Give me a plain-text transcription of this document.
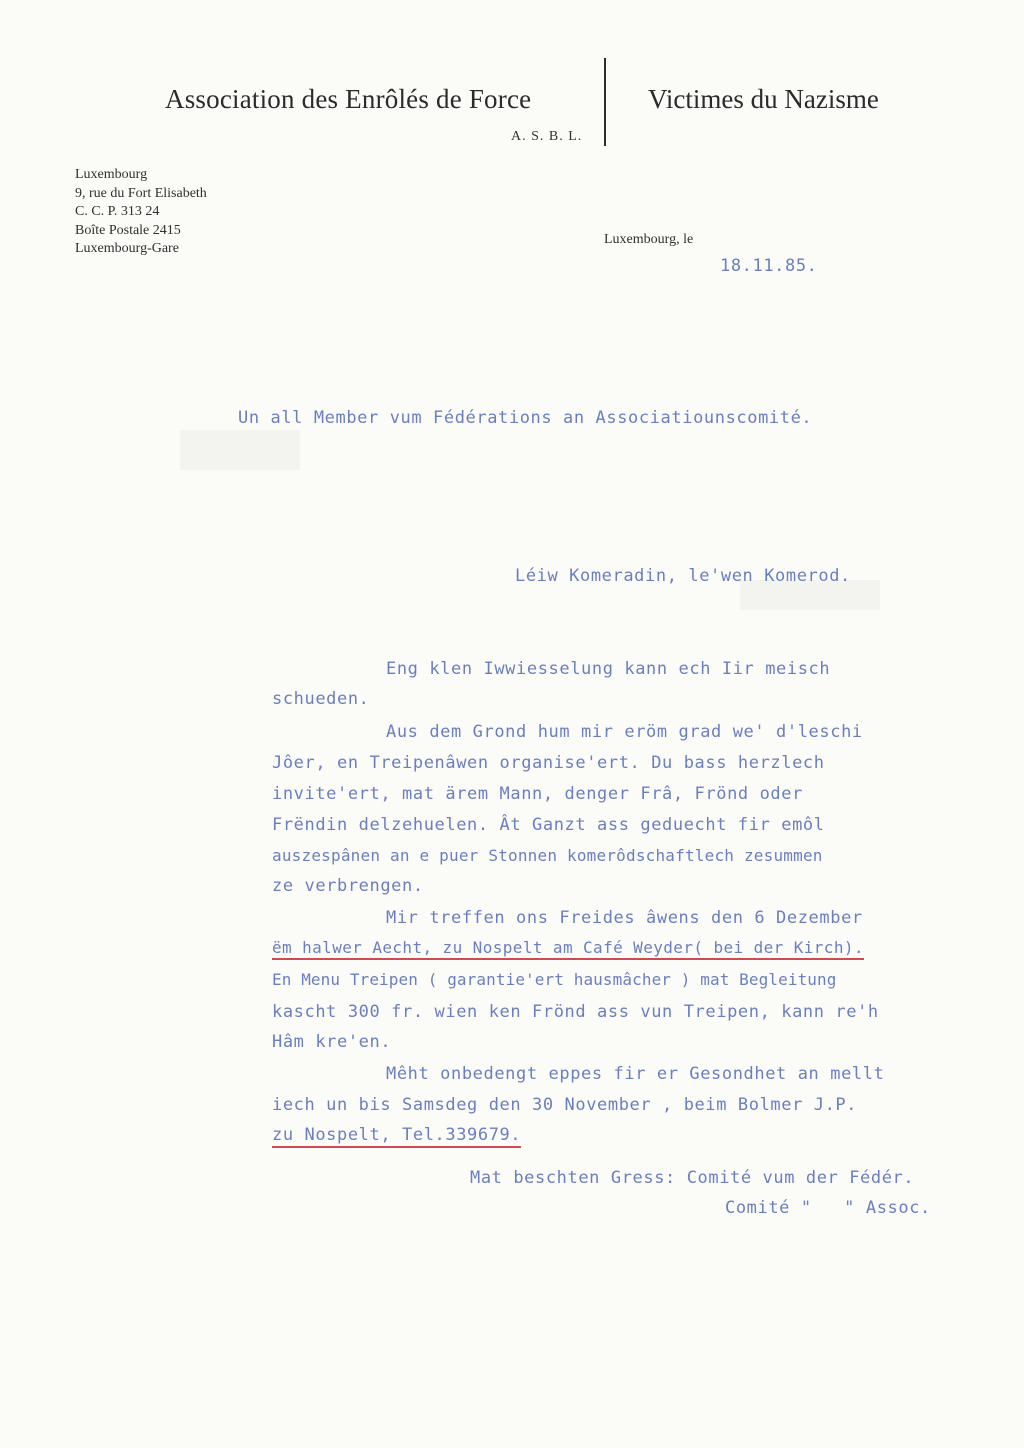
Association des Enrôlés de Force
A. S. B. L.
Victimes du Nazisme
Luxembourg
9, rue du Fort Elisabeth
C. C. P. 313 24
Boîte Postale 2415
Luxembourg-Gare
Luxembourg, le
18.11.85.
Un all Member vum Fédérations an Associatiounscomité.
Léiw Komeradin, le'wen Komerod.
Eng klen Iwwiesselung kann ech Iir meisch
schueden.
Aus dem Grond hum mir eröm grad we' d'leschi
Jôer, en Treipenâwen organise'ert. Du bass herzlech
invite'ert, mat ärem Mann, denger Frâ, Frönd oder
Frëndin delzehuelen. Ât Ganzt ass geduecht fir emôl
auszespânen an e puer Stonnen komerôdschaftlech zesummen
ze verbrengen.
Mir treffen ons Freides âwens den 6 Dezember
ëm halwer Aecht, zu Nospelt am Café Weyder( bei der Kirch).
En Menu Treipen ( garantie'ert hausmâcher ) mat Begleitung
kascht 300 fr. wien ken Frönd ass vun Treipen, kann re'h
Hâm kre'en.
Mêht onbedengt eppes fir er Gesondhet an mellt
iech un bis Samsdeg den 30 November , beim Bolmer J.P.
zu Nospelt, Tel.339679.
Mat beschten Gress: Comité vum der Fédér.
Comité "   " Assoc.
